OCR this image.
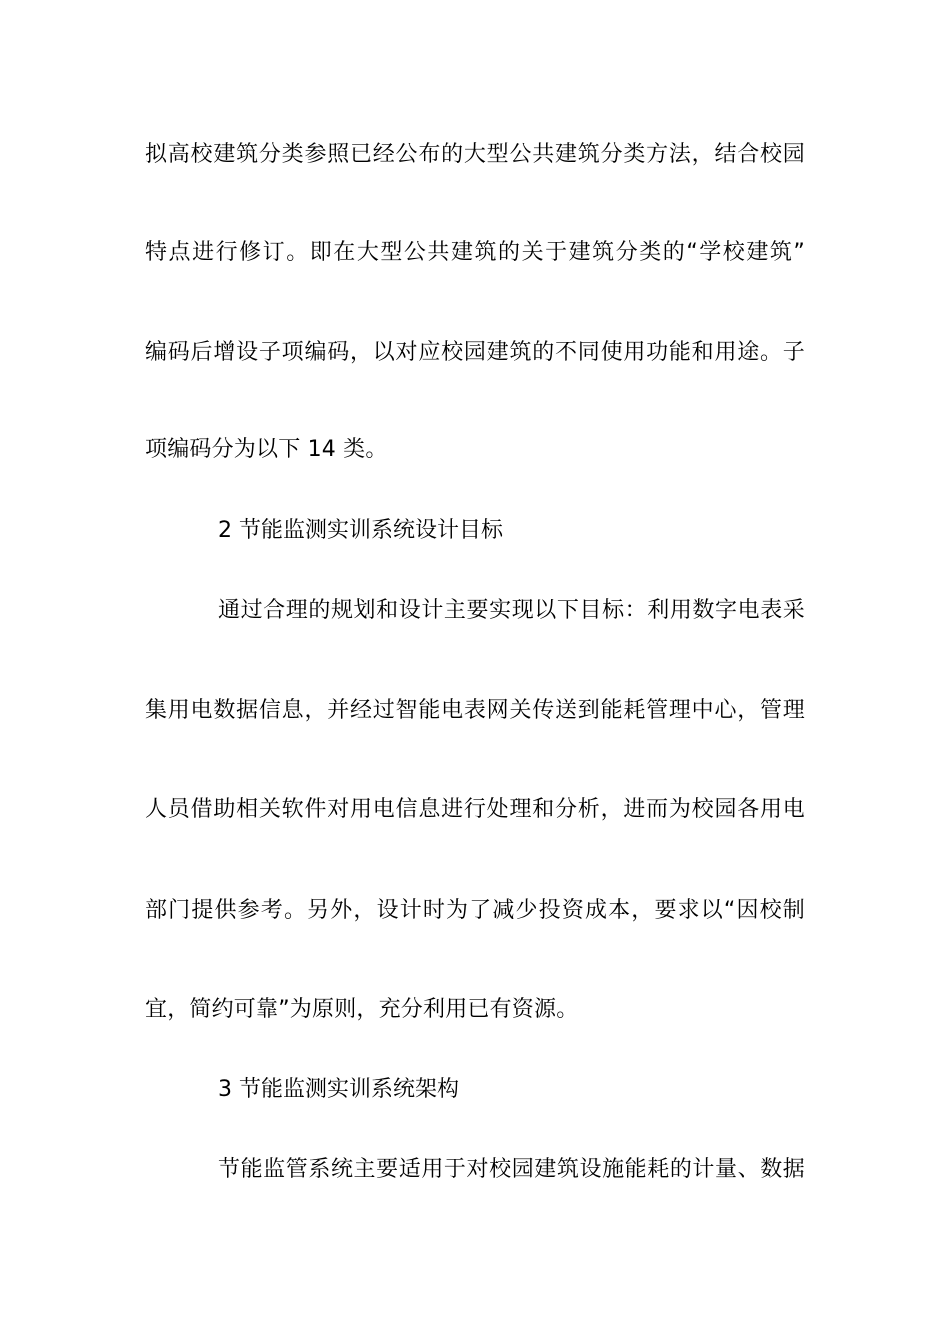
拟高校建筑分类参照已经公布的大型公共建筑分类方法，结合校园
特点进行修订。即在大型公共建筑的关于建筑分类的“学校建筑”
编码后增设子项编码，以对应校园建筑的不同使用功能和用途。子
项编码分为以下 14 类。
2 节能监测实训系统设计目标
通过合理的规划和设计主要实现以下目标：利用数字电表采
集用电数据信息，并经过智能电表网关传送到能耗管理中心，管理
人员借助相关软件对用电信息进行处理和分析，进而为校园各用电
部门提供参考。另外，设计时为了减少投资成本，要求以“因校制
宜，简约可靠”为原则，充分利用已有资源。
3 节能监测实训系统架构
节能监管系统主要适用于对校园建筑设施能耗的计量、数据
